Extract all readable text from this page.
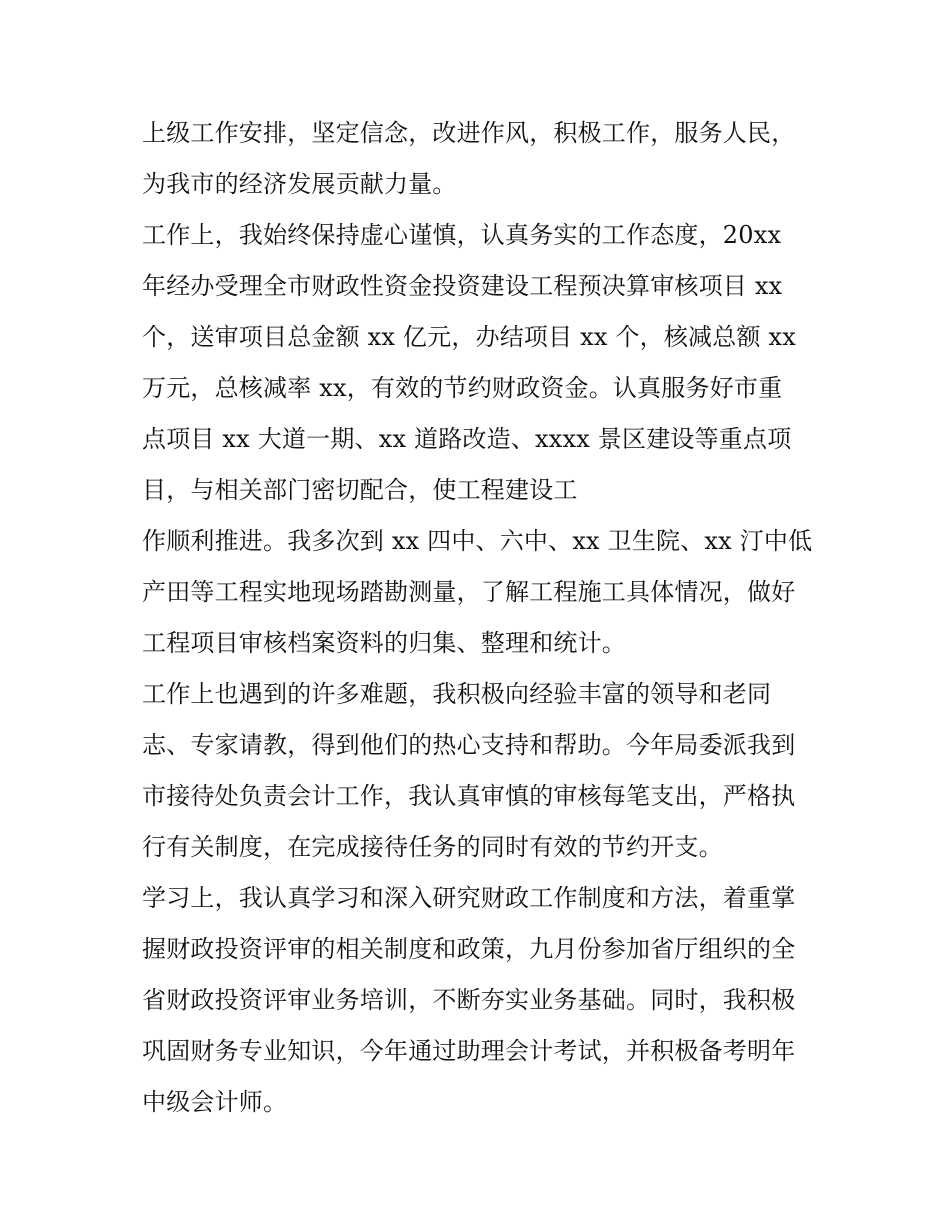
上级工作安排，坚定信念，改进作风，积极工作，服务人民，
为我市的经济发展贡献力量。
工作上，我始终保持虚心谨慎，认真务实的工作态度，20xx
年经办受理全市财政性资金投资建设工程预决算审核项目 xx
个，送审项目总金额 xx 亿元，办结项目 xx 个，核减总额 xx
万元，总核减率 xx，有效的节约财政资金。认真服务好市重
点项目 xx 大道一期、xx 道路改造、xxxx 景区建设等重点项
目，与相关部门密切配合，使工程建设工
作顺利推进。我多次到 xx 四中、六中、xx 卫生院、xx 汀中低
产田等工程实地现场踏勘测量，了解工程施工具体情况，做好
工程项目审核档案资料的归集、整理和统计。
工作上也遇到的许多难题，我积极向经验丰富的领导和老同
志、专家请教，得到他们的热心支持和帮助。今年局委派我到
市接待处负责会计工作，我认真审慎的审核每笔支出，严格执
行有关制度，在完成接待任务的同时有效的节约开支。
学习上，我认真学习和深入研究财政工作制度和方法，着重掌
握财政投资评审的相关制度和政策，九月份参加省厅组织的全
省财政投资评审业务培训，不断夯实业务基础。同时，我积极
巩固财务专业知识，今年通过助理会计考试，并积极备考明年
中级会计师。
